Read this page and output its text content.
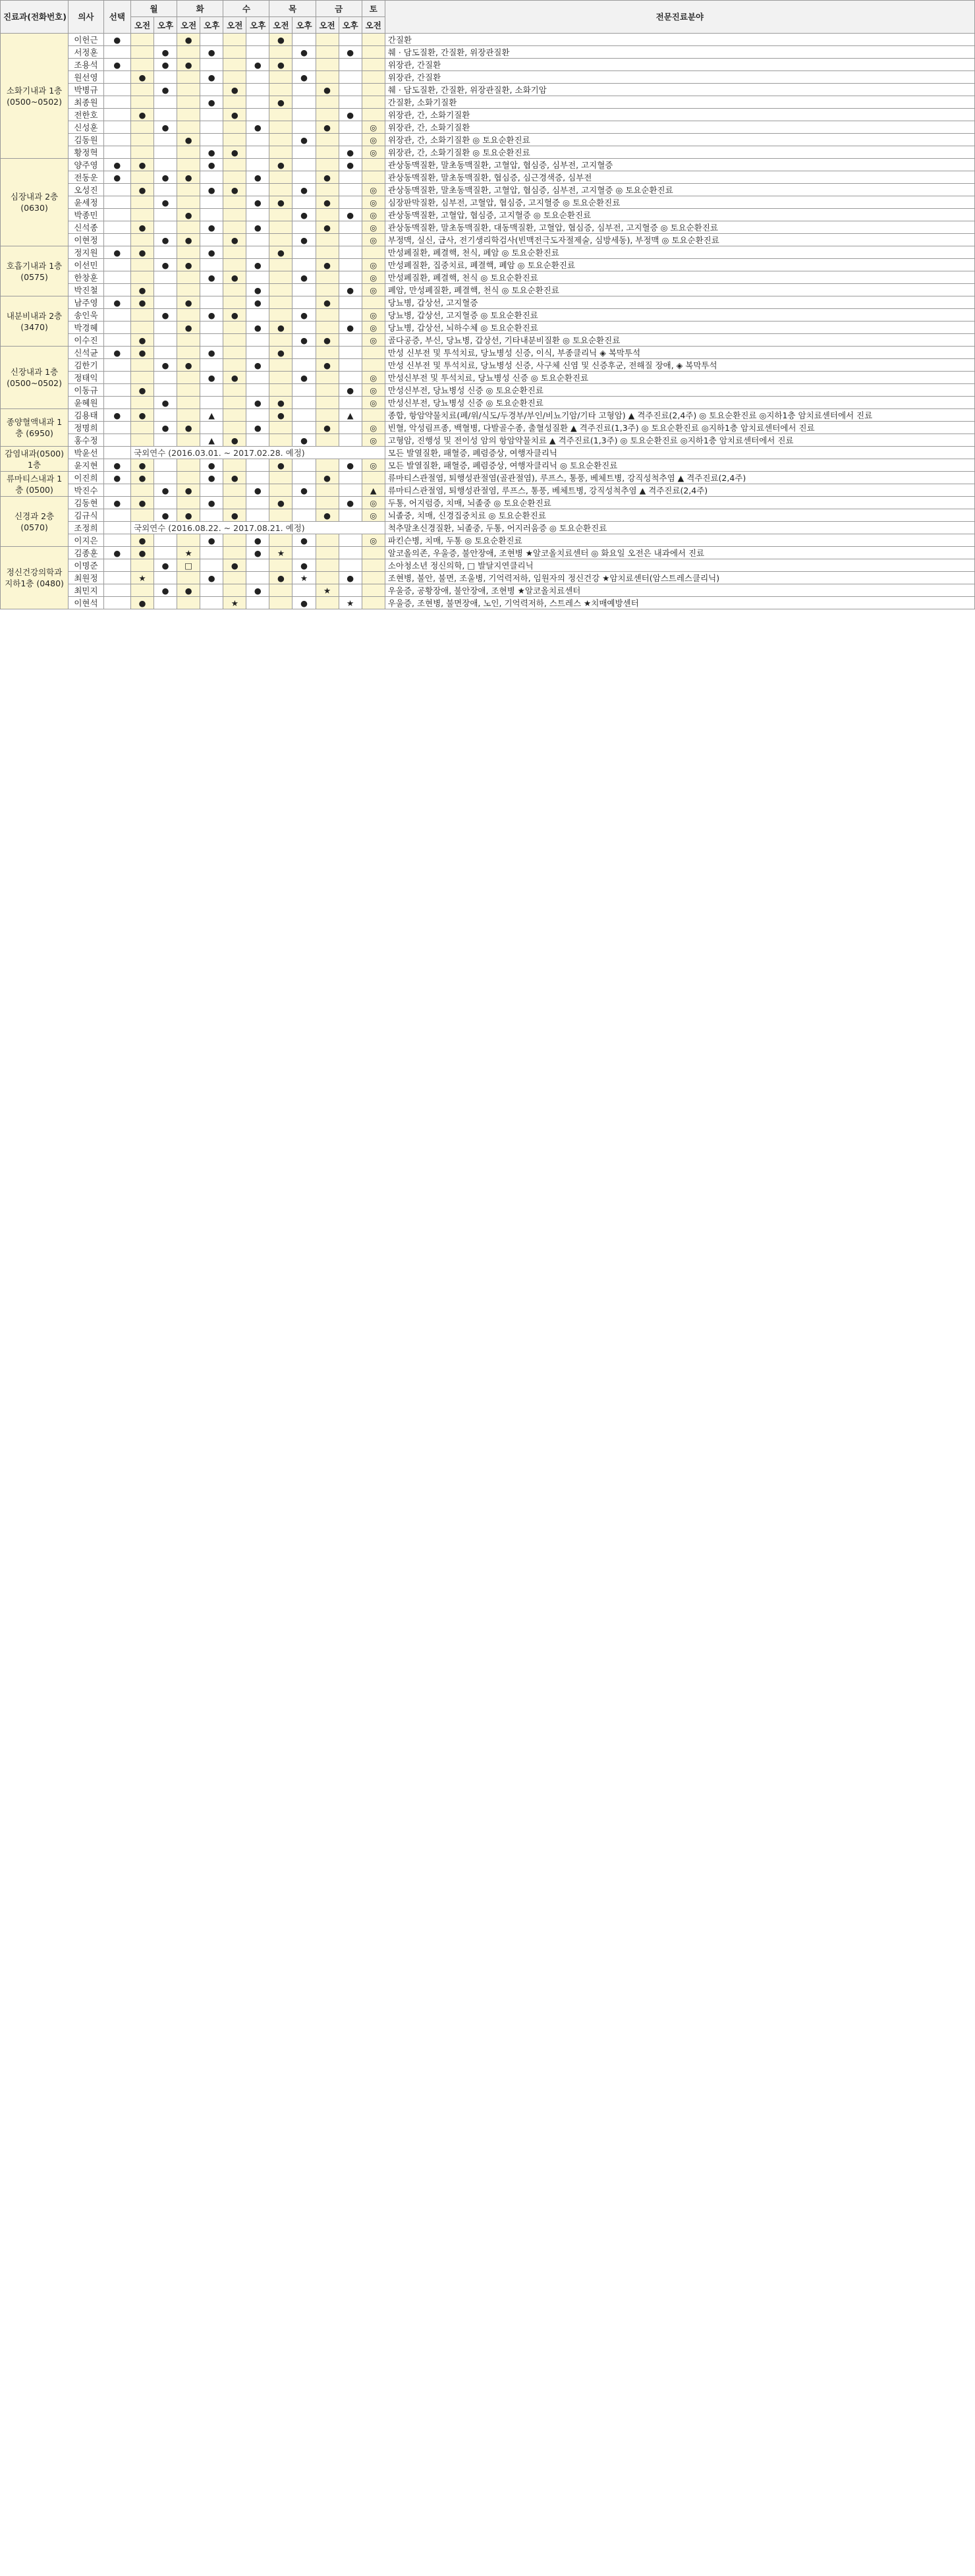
진료과(전화번호)	의사	선택	월		화		수		목		금		토	전문진료분야
			오전	오후	오전	오후	오전	오후	오전	오후	오전	오후	오전	
소화기내과 1층 (0500~0502)	이헌근	●			●				●					간질환
	서정훈			●		●				●		●		췌 · 담도질환, 간질환, 위장관질환
	조용석	●		●	●			●	●					위장관, 간질환
	원선영		●			●				●				위장관, 간질환
	박병규			●			●				●			췌 · 담도질환, 간질환, 위장관질환, 소화기암
	최종원					●			●					간질환, 소화기질환
	전한호		●				●					●		위장관, 간, 소화기질환
	신성훈			●				●			●		◎	위장관, 간, 소화기질환
	김동원				●					●			◎	위장관, 간, 소화기질환 ◎ 토요순환진료
	황정혁					●	●					●	◎	위장관, 간, 소화기질환 ◎ 토요순환진료
심장내과 2층 (0630)	양주영	●	●			●			●			●		관상동맥질환, 말초동맥질환, 고혈압, 협심증, 심부전, 고지혈증
	전동운	●		●	●			●			●			관상동맥질환, 말초동맥질환, 협심증, 심근경색증, 심부전
	오성진		●			●	●			●			◎	관상동맥질환, 말초동맥질환, 고혈압, 협심증, 심부전, 고지혈증 ◎ 토요순환진료
	윤세정			●				●	●		●		◎	심장판막질환, 심부전, 고혈압, 협심증, 고지혈증 ◎ 토요순환진료
	박종민				●					●		●	◎	관상동맥질환, 고혈압, 협심증, 고지혈증 ◎ 토요순환진료
	신석종		●			●		●			●		◎	관상동맥질환, 말초동맥질환, 대동맥질환, 고혈압, 협심증, 심부전, 고지혈증 ◎ 토요순환진료
	이현정			●	●		●			●			◎	부정맥, 실신, 급사, 전기생리학검사(빈맥전극도자절제술, 심방세동), 부정맥 ◎ 토요순환진료
호흡기내과 1층 (0575)	정지원	●	●			●			●					만성폐질환, 폐결핵, 천식, 폐암 ◎ 토요순환진료
	이선민			●	●			●			●		◎	만성폐질환, 집중치료, 폐결핵, 폐암 ◎ 토요순환진료
	한창훈					●	●			●			◎	만성폐질환, 폐결핵, 천식 ◎ 토요순환진료
	박진철		●					●				●	◎	폐암, 만성폐질환, 폐결핵, 천식 ◎ 토요순환진료
내분비내과 2층 (3470)	남주영	●	●		●			●			●			당뇨병, 갑상선, 고지혈증
	송인욱			●		●	●			●			◎	당뇨병, 갑상선, 고지혈증 ◎ 토요순환진료
	박경혜				●			●	●			●	◎	당뇨병, 갑상선, 뇌하수체 ◎ 토요순환진료
	이수진		●							●	●		◎	골다공증, 부신, 당뇨병, 갑상선, 기타내분비질환 ◎ 토요순환진료
신장내과 1층 (0500~0502)	신석균	●	●			●			●					만성 신부전 및 투석치료, 당뇨병성 신증, 이식, 부종클리닉 ◈ 복막투석
	김한기			●	●			●			●			만성 신부전 및 투석치료, 당뇨병성 신증, 사구체 신염 및 신증후군, 전해질 장애, ◈ 복막투석
	정태익					●	●			●			◎	만성신부전 및 투석치료, 당뇨병성 신증 ◎ 토요순환진료
	이동규		●									●	◎	만성신부전, 당뇨병성 신증 ◎ 토요순환진료
	윤혜원			●				●	●				◎	만성신부전, 당뇨병성 신증 ◎ 토요순환진료
종양혈액내과 1층 (6950)	김용태	●	●			▲			●			▲		종합, 항암약물치료(폐/위/식도/두경부/부인/비뇨기암/기타 고형암) ▲ 격주진료(2,4주) ◎ 토요순환진료 ◎지하1층 암치료센터에서 진료
	정명희			●	●			●			●		◎	빈혈, 악성림프종, 백혈병, 다발골수종, 출혈성질환 ▲ 격주진료(1,3주) ◎ 토요순환진료 ◎지하1층 암치료센터에서 진료
	홍수정					▲	●			●			◎	고형암, 진행성 및 전이성 암의 항암약물치료 ▲ 격주진료(1,3주) ◎ 토요순환진료 ◎지하1층 암치료센터에서 진료
감염내과(0500) 1층	박윤선		국외연수 (2016.03.01. ~ 2017.02.28. 예정)											모든 발열질환, 패혈증, 폐렴증상, 여행자클리닉
	윤지현	●	●			●			●			●	◎	모든 발열질환, 패혈증, 폐렴증상, 여행자클리닉 ◎ 토요순환진료
류마티스내과 1층 (0500)	이진희	●	●			●	●				●			류마티스관절염, 퇴행성관절염(골관절염), 루프스, 통풍, 베체트병, 강직성척추염 ▲ 격주진료(2,4주)
	박진수			●	●			●		●			▲	류마티스관절염, 퇴행성관절염, 루프스, 통풍, 베체트병, 강직성척추염 ▲ 격주진료(2,4주)
신경과 2층 (0570)	김동현	●	●			●			●			●	◎	두통, 어지럼증, 치매, 뇌졸중 ◎ 토요순환진료
	김규식			●	●		●				●		◎	뇌졸중, 치매, 신경집중치료 ◎ 토요순환진료
	조정희		국외연수 (2016.08.22. ~ 2017.08.21. 예정)											척추말초신경질환, 뇌졸중, 두통, 어지러움증 ◎ 토요순환진료
	이지은		●			●		●		●			◎	파킨슨병, 치매, 두통 ◎ 토요순환진료
정신건강의학과 지하1층 (0480)	김종훈	●	●		★			●	★					알코올의존, 우울증, 불안장애, 조현병 ★알코올치료센터 ◎ 화요일 오전은 내과에서 진료
	이명준			●	□		●			●				소아청소년 정신의학, □ 발달지연클리닉
	최원정		★			●			●	★		●		조현병, 불안, 불면, 조울병, 기억력저하, 임원자의 정신건강 ★암치료센터(암스트레스클리닉)
	최민지			●	●			●			★			우울증, 공황장애, 불안장애, 조현병 ★알코올치료센터
	이현석		●				★			●		★		우울증, 조현병, 불면장애, 노인, 기억력저하, 스트레스 ★치매예방센터
